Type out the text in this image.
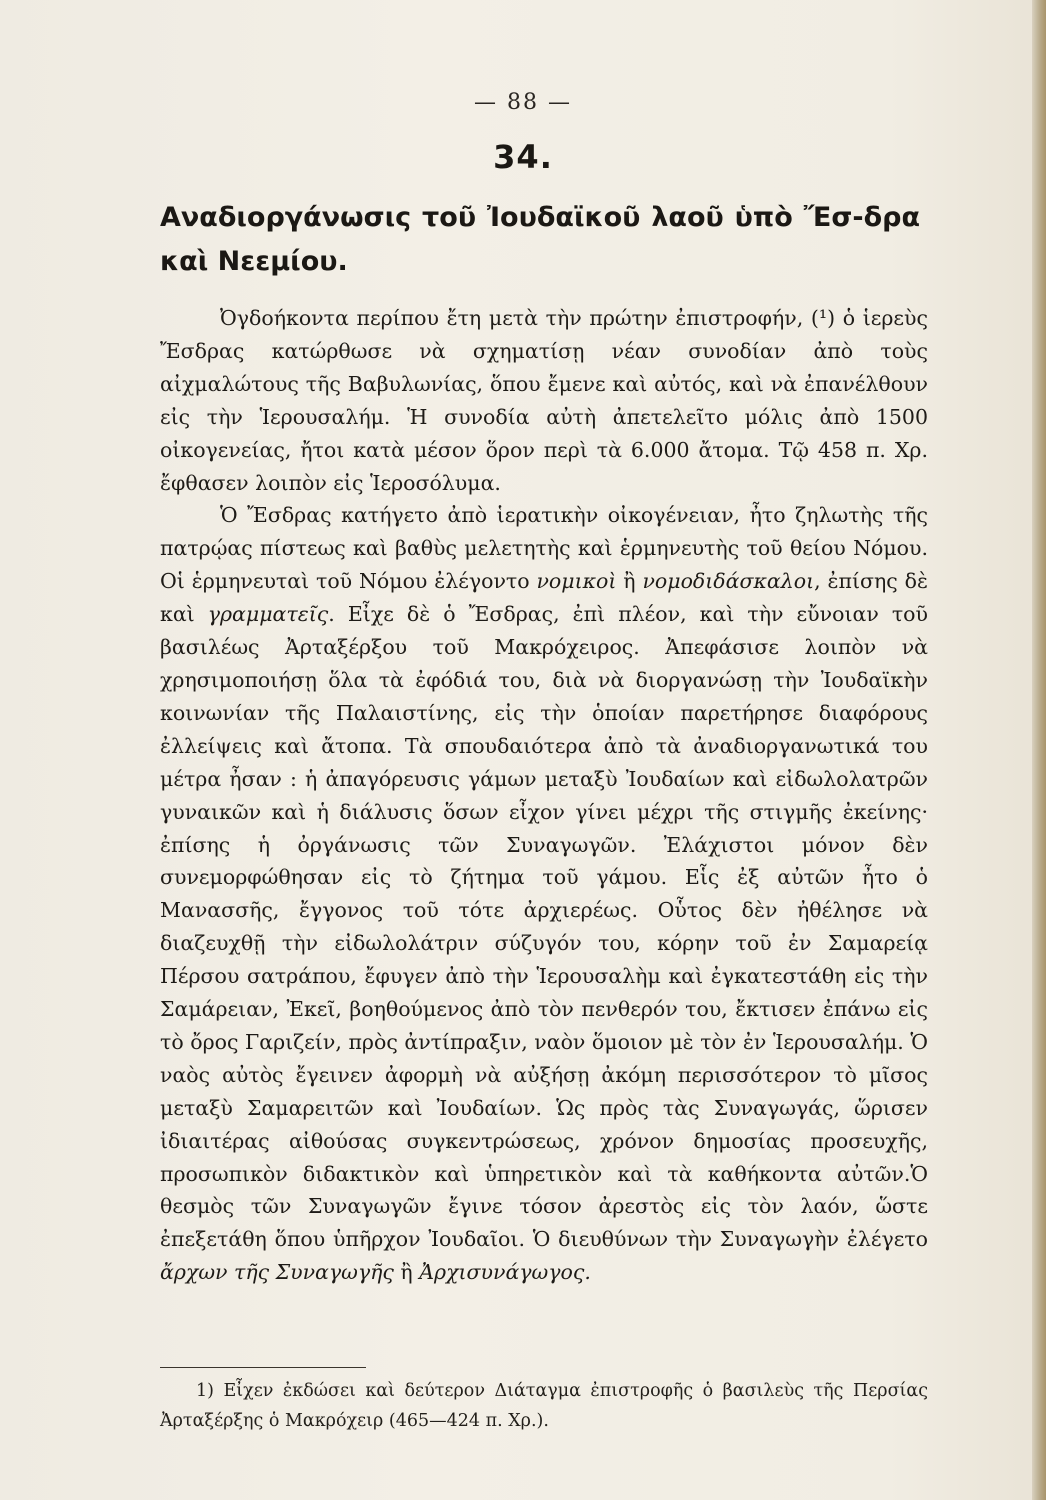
— 88 —
34.
Αναδιοργάνωσις τοῦ Ἰουδαϊκοῦ λαοῦ ὑπὸ Ἔσ-δρα καὶ Νεεμίου.

Ὀγδοήκοντα περίπου ἔτη μετὰ τὴν πρώτην ἐπιστροφήν, (¹) ὁ ἱερεὺς Ἔσδρας κατώρθωσε νὰ σχηματίσῃ νέαν συνοδίαν ἀπὸ τοὺς αἰχμαλώτους τῆς Βαβυλωνίας, ὅπου ἔμενε καὶ αὐτός, καὶ νὰ ἐπανέλθουν εἰς τὴν Ἱερουσαλήμ. Ἡ συνοδία αὐτὴ ἀπετελεῖτο μόλις ἀπὸ 1500 οἰκογενείας, ἤτοι κατὰ μέσον ὅρον περὶ τὰ 6.000 ἄτομα. Τῷ 458 π. Χρ. ἔφθασεν λοιπὸν εἰς Ἱεροσόλυμα.

Ὁ Ἔσδρας κατήγετο ἀπὸ ἱερατικὴν οἰκογένειαν, ἦτο ζηλωτὴς τῆς πατρῴας πίστεως καὶ βαθὺς μελετητὴς καὶ ἑρμηνευτὴς τοῦ θείου Νόμου. Οἱ ἑρμηνευταὶ τοῦ Νόμου ἐλέγοντο νομικοὶ ἢ νομοδιδάσκαλοι, ἐπίσης δὲ καὶ γραμματεῖς. Εἶχε δὲ ὁ Ἔσδρας, ἐπὶ πλέον, καὶ τὴν εὔνοιαν τοῦ βασιλέως Ἀρταξέρξου τοῦ Μακρόχειρος. Ἀπεφάσισε λοιπὸν νὰ χρησιμοποιήσῃ ὅλα τὰ ἐφόδιά του, διὰ νὰ διοργανώσῃ τὴν Ἰουδαϊκὴν κοινωνίαν τῆς Παλαιστίνης, εἰς τὴν ὁποίαν παρετήρησε διαφόρους ἐλλείψεις καὶ ἄτοπα. Τὰ σπουδαιότερα ἀπὸ τὰ ἀναδιοργανωτικά του μέτρα ἦσαν : ἡ ἀπαγόρευσις γάμων μεταξὺ Ἰουδαίων καὶ εἰδωλολατρῶν γυναικῶν καὶ ἡ διάλυσις ὅσων εἶχον γίνει μέχρι τῆς στιγμῆς ἐκείνης· ἐπίσης ἡ ὀργάνωσις τῶν Συναγωγῶν. Ἐλάχιστοι μόνον δὲν συνεμορφώθησαν εἰς τὸ ζήτημα τοῦ γάμου. Εἷς ἐξ αὐτῶν ἦτο ὁ Μανασσῆς, ἔγγονος τοῦ τότε ἀρχιερέως. Οὗτος δὲν ἠθέλησε νὰ διαζευχθῇ τὴν εἰδωλολάτριν σύζυγόν του, κόρην τοῦ ἐν Σαμαρείᾳ Πέρσου σατράπου, ἔφυγεν ἀπὸ τὴν Ἱερουσαλὴμ καὶ ἐγκατεστάθη εἰς τὴν Σαμάρειαν, Ἐκεῖ, βοηθούμενος ἀπὸ τὸν πενθερόν του, ἔκτισεν ἐπάνω εἰς τὸ ὄρος Γαριζείν, πρὸς ἀντίπραξιν, ναὸν ὅμοιον μὲ τὸν ἐν Ἱερουσαλήμ. Ὁ ναὸς αὐτὸς ἔγεινεν ἀφορμὴ νὰ αὐξήσῃ ἀκόμη περισσότερον τὸ μῖσος μεταξὺ Σαμαρειτῶν καὶ Ἰουδαίων. Ὡς πρὸς τὰς Συναγωγάς, ὥρισεν ἰδιαιτέρας αἰθούσας συγκεντρώσεως, χρόνον δημοσίας προσευχῆς, προσωπικὸν διδακτικὸν καὶ ὑπηρετικὸν καὶ τὰ καθήκοντα αὐτῶν.Ὁ θεσμὸς τῶν Συναγωγῶν ἔγινε τόσον ἀρεστὸς εἰς τὸν λαόν, ὥστε ἐπεξετάθη ὅπου ὑπῆρχον Ἰουδαῖοι. Ὁ διευθύνων τὴν Συναγωγὴν ἐλέγετο ἄρχων τῆς Συναγωγῆς ἢ Ἀρχισυνάγωγος.

1) Εἶχεν ἐκδώσει καὶ δεύτερον Διάταγμα ἐπιστροφῆς ὁ βασιλεὺς τῆς Περσίας Ἀρταξέρξης ὁ Μακρόχειρ (465—424 π. Χρ.).
